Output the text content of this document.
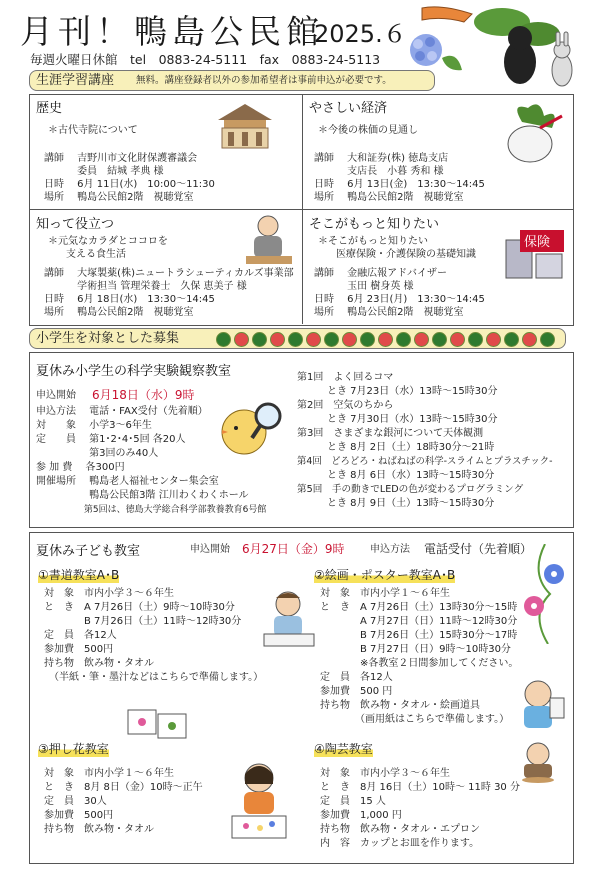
月刊！鴨島公民館
2025.６
毎週火曜日休館　tel　0883-24-5111　fax　0883-24-5113
生涯学習講座 無料。講座登録者以外の参加希望者は事前申込が必要です。
歴史
＊古代寺院について
講師　 吉野川市文化財保護審議会
　　　 委員　結城 孝典 様
日時　 6月 11日(水)　10:00～11:30
場所　 鴨島公民館2階　視聴覚室
やさしい経済
＊今後の株価の見通し
講師　 大和証券(株) 徳島支店
　　　 支店長　小暮 秀和 様
日時　 6月 13日(金)　13:30～14:45
場所　 鴨島公民館2階　視聴覚室
知って役立つ
＊元気なカラダとココロを
支える食生活
講師　 大塚製薬(株)ニュートラシューティカルズ事業部
　　　 学術担当 管理栄養士　久保 恵美子 様
日時　 6月 18日(水)　13:30～14:45
場所　 鴨島公民館2階　視聴覚室
そこがもっと知りたい
＊そこがもっと知りたい
医療保険・介護保険の基礎知識
講師　 金融広報アドバイザー
　　　 玉田 樹身英 様
日時　 6月 23日(月)　13:30～14:45
場所　 鴨島公民館2階　視聴覚室
保険
小学生を対象とした募集
夏休み小学生の科学実験観察教室
申込開始 6月18日（水）9時
申込方法　 電話・FAX受付（先着順）
対　　象　 小学3～6年生
定　　員　 第1･2･4･5回 各20人
　　　　　 第3回のみ40人
参 加 費　 各300円
開催場所　 鴨島老人福祉センター集会室
　　　　　 鴨島公民館3階 江川わくわくホール
　　　　　 第5回は、徳島大学総合科学部教養教育6号館
第1回　よく回るコマ
　　　とき 7月23日（水）13時～15時30分
第2回　空気のちから
　　　とき 7月30日（水）13時～15時30分
第3回　さまざまな銀河について天体観測
　　　とき 8月 2日（土）18時30分～21時
第4回　どろどろ・ねばねばの科学-スライムとプラスチック-
　　　とき 8月 6日（水）13時～15時30分
第5回　手の動きでLEDの色が変わるプログラミング
　　　とき 8月 9日（土）13時～15時30分
夏休み子ども教室	申込開始 6月27日（金）9時	申込方法 電話受付（先着順）
①書道教室A･B
対　象　市内小学３～６年生
と　き　A 7月26日（土）9時～10時30分
　　　　B 7月26日（土）11時～12時30分
定　員　各12人
参加費　500円
持ち物　飲み物・タオル
　（半紙・筆・墨汁などはこちらで準備します。）
②絵画・ポスター教室A･B
対　象　市内小学１～６年生
と　き　A 7月26日（土）13時30分～15時
　　　　A 7月27日（日）11時～12時30分
　　　　B 7月26日（土）15時30分～17時
　　　　B 7月27日（日）9時～10時30分
　　　　※各教室２日間参加してください。
定　員　各12人
参加費　500 円
持ち物　飲み物・タオル・絵画道具
　　　　（画用紙はこちらで準備します。）
③押し花教室
対　象　市内小学１～６年生
と　き　8月 8日（金）10時～正午
定　員　30人
参加費　500円
持ち物　飲み物・タオル
④陶芸教室
対　象　市内小学３～６年生
と　き　8月 16日（土）10時～ 11時 30 分
定　員　15 人
参加費　1,000 円
持ち物　飲み物・タオル・エプロン
内　容　カップとお皿を作ります。
